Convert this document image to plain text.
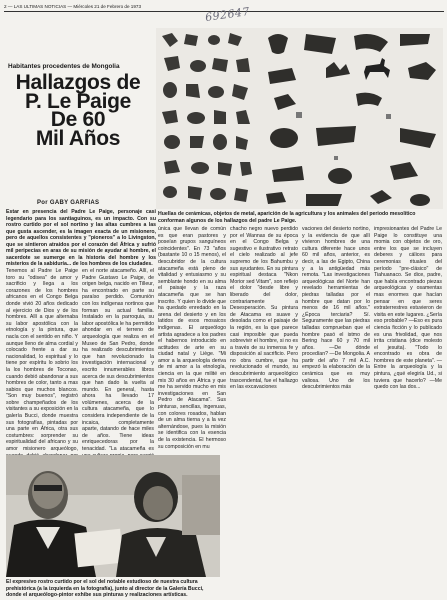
2 — LAS ULTIMAS NOTICIAS — Miércoles 21 de Febrero de 1973	692647
Habitantes procedentes de Mongolia
Hallazgos de
P. Le Paige
De 60
Mil Años
Por GABY GARFIAS
Estar en presencia del Padre Le Paige, personaje casi legendario para los santiaguinos, es un impacto. Con su rostro curtido por el sol nortino y las altas cumbres a las que gusta ascender, es la imagen exacta de un misionero, pero de aquellos consistentes y "pioneros" a lo Livingston, que se sintieron atraídos por el corazón del África y sufrió mil peripecias en aras de su misión de ayudar al hombre, el sacerdote se sumerge en la historia del hombre y los misterios de la sabiduría... de los hombres de los ciudades.
Huellas de cerámicas, objetos de metal, aparición de la agricultura y los animales del periodo mesolítico conforman algunos de los hallazgos del padre Le Paige.
Tenemos al Padre Le Paige toro su "odisea" de amor y sacrificio y llega a los corazones de los hombres africanos en el Congo Belga donde vivió 20 años dedicado al ejercicio de Dios y de los hombres. Allí a que alternaba su labor apostólica con la etnología y la pintura, que nacía con el sentido en niño. Y aunque lleno de alma cordial y colocado frente a dar su nacionalidad, lo espiritual y lo tiene por espíritu lo sobrio los la los hombres de Toconao, cuando debió abandonar a sus hombres de color, tanto a mas sabios que muchos blancos. "Son muy buenos", registró sobre champeñados de los visitantes a su exposición en la galería Bucci, donde muestra sus fotografías, pintadas por una parte en África, otra sus costumbres: sorprender su espiritualidad del africano y su amor misionero arqueólogo,
en el norte atacameño. Allí, el Padre Gustavo Le Paige, de origen belga, nacido en Tilleur, ha encontrado en parte su paraíso perdido. Comunión con los indígenas nortinos que forman su actual familia. Instalado en la parroquia, su labor apostólica le ha permitido ahondar en el terreno de arqueología que realiza en el Museo de San Pedro, donde ha realizado descubrimientos que han revolucionado la investigación internacional y escrito innumerables libros acerca de sus descubrimientos que han dado la vuelta al mundo. En general, hasta ahora ha llevado 17 volúmenes, acerca de la cultura atacameña, que lo considera independiente de la incaica, completamente aparte, datando de hace miles de años. Tiene ideas enriquecedoras por la tenacidad. "La atacameña es
única que llevan de común es que eran pastores y poseían grupos sanguíneos coincidentes". En 73 "años (bastante 10 o 15 menos), el descubridor de la cultura atacameña está pleno de vitalidad y entusiasmo y su semblante hondo en su alma el paisaje y la raza atacameña que se han inscrito. Y quien lo divide que ha quedado enredado en la arena del desierto y en los latidos de esos mosaicos indígenas. El arqueólogo artista agradece a los padres el habernos introducido en actitudes de arte en su ciudad natal y Liège. "Mi amor a la arqueología deriva de mi amor a la etnología, ciencia en la que milité en mis 30 años en África y que me ha servido mucho en mis investigaciones en San Pedro de Atacama". Sus pinturas, sencillas, ingenuas, con colores rosados, hablan de un alma tierna y a la vez alternándose, pues la misión se identifica con la esencia de la existencia. El hermoso su composición en mu
chacho negro nuevo perdido por el Wannas de su época en el Congo Belga y sugestivo e ilustrativo retrato el cielo realizado al jefe supremo de los Bahumbu y sus ayudantes. En su pintura espiritual destaca "Nkon Morior sed Vitam", son reflejo el dolor "desde libre y liberado del dolor, contrariamente a Desesperación. Su pintura de Atacama es suave y desolada como el paisaje de la región, es la que parece casi imposible que pueda sobrevivir el hombre, si no es a través de su inmensa fe y disposición al sacrificio. Pero no obra cumbre, que ha revolucionado el mundo, su descubrimiento arqueológico trascendental, fue el hallazgo en las excavaciones
vaciones del desierto nortino, y la evidencia de que allí vivieron hombres de una cultura diferente hace unos 60 mil años, anterior, es decir, a las de Egipto, China y a la antigüedad más remota. "Las investigaciones arqueológicas del Norte han revelado herramientas de piedras talladas por el hombre que datan por lo menos de 16 mil años." ¿Época terciaria? Sí. Seguramente que las piedras talladas comprueban que el hombre pasó el istmo de Bering hace 60 y 70 mil años. —De dónde procedían? —De Mongolia. A partir del año 7 mil A.C. empezó la elaboración de la cerámica que es muy valiosa. Uno de los descubrimientos más
impresionantes del Padre Le Paige lo constituye una momia con objetos de oro, entre los que se incluyen deberes y cálices para ceremonias rituales del período "pre-clásico" de Tiahuanaco. Se dice, padre, que había encontrado piezas arqueológicas y osamentas mas enormes que hacían pensar en que seres extraterrestres estuvieron de visita en este lugares. ¿Sería eso probable? —Eso es pura ciencia ficción y lo publicado es una frivolidad, que nos irrita cristiana (dice molesto el jesuita). "Todo lo encontrado es obra de hombres de este planeta". —Entre la arqueología y la pintura, ¿qué elegiría Ud., si tuviera que hacerlo? —Me quedo con las dos...
El expresivo rostro curtido por el sol del notable estudioso de nuestra cultura prehistórica (a la izquierda en la fotografía), junto al director de la Galería Bucci, donde el arqueólogo-pintor exhibe sus pinturas y realizaciones artísticas.
